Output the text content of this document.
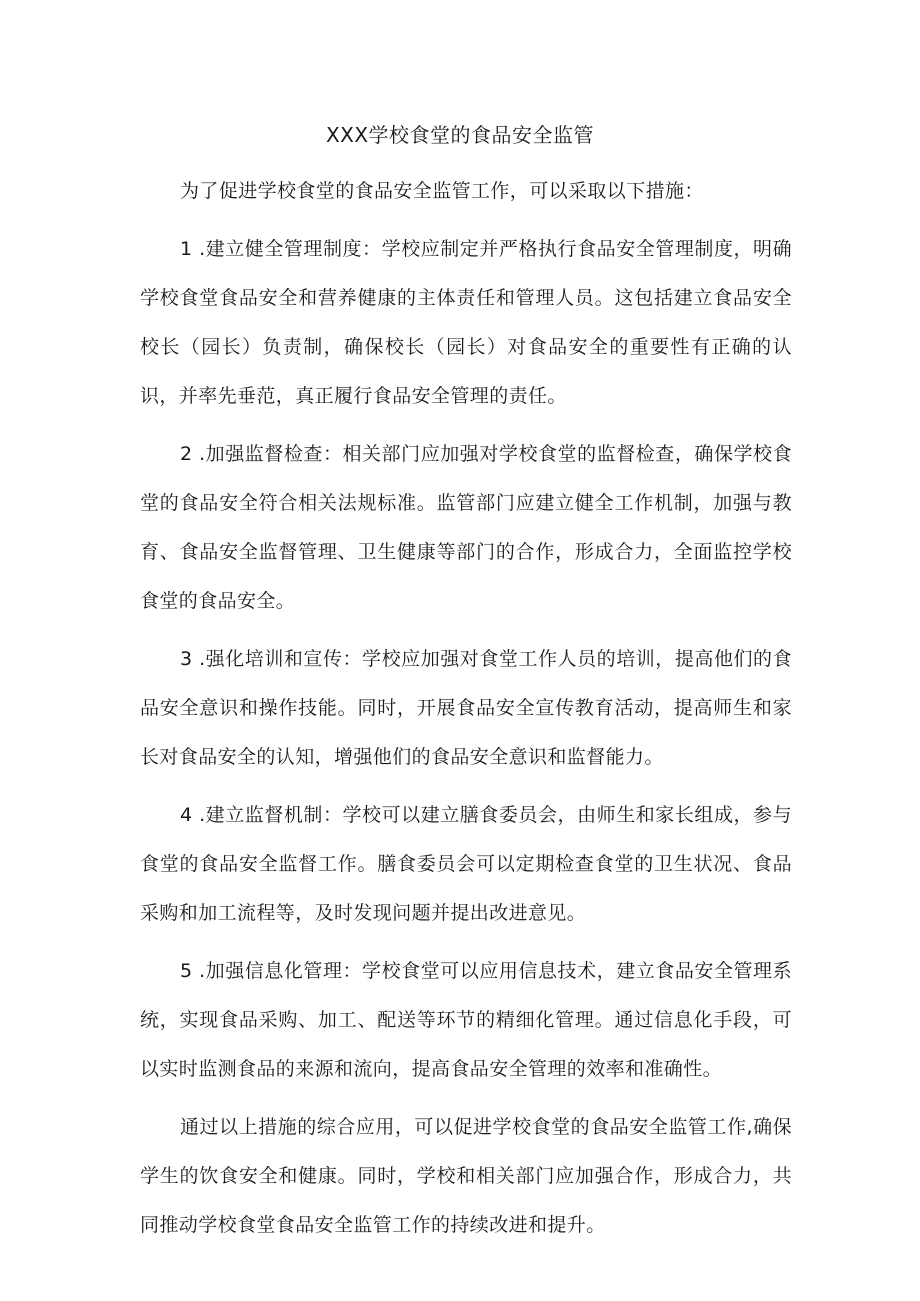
XXX学校食堂的食品安全监管

为了促进学校食堂的食品安全监管工作，可以采取以下措施：

1 .建立健全管理制度：学校应制定并严格执行食品安全管理制度，明确学校食堂食品安全和营养健康的主体责任和管理人员。这包括建立食品安全校长（园长）负责制，确保校长（园长）对食品安全的重要性有正确的认识，并率先垂范，真正履行食品安全管理的责任。

2 .加强监督检查：相关部门应加强对学校食堂的监督检查，确保学校食堂的食品安全符合相关法规标准。监管部门应建立健全工作机制，加强与教育、食品安全监督管理、卫生健康等部门的合作，形成合力，全面监控学校食堂的食品安全。

3 .强化培训和宣传：学校应加强对食堂工作人员的培训，提高他们的食品安全意识和操作技能。同时，开展食品安全宣传教育活动，提高师生和家长对食品安全的认知，增强他们的食品安全意识和监督能力。

4 .建立监督机制：学校可以建立膳食委员会，由师生和家长组成，参与食堂的食品安全监督工作。膳食委员会可以定期检查食堂的卫生状况、食品采购和加工流程等，及时发现问题并提出改进意见。

5 .加强信息化管理：学校食堂可以应用信息技术，建立食品安全管理系统，实现食品采购、加工、配送等环节的精细化管理。通过信息化手段，可以实时监测食品的来源和流向，提高食品安全管理的效率和准确性。

通过以上措施的综合应用，可以促进学校食堂的食品安全监管工作,确保学生的饮食安全和健康。同时，学校和相关部门应加强合作，形成合力，共同推动学校食堂食品安全监管工作的持续改进和提升。
